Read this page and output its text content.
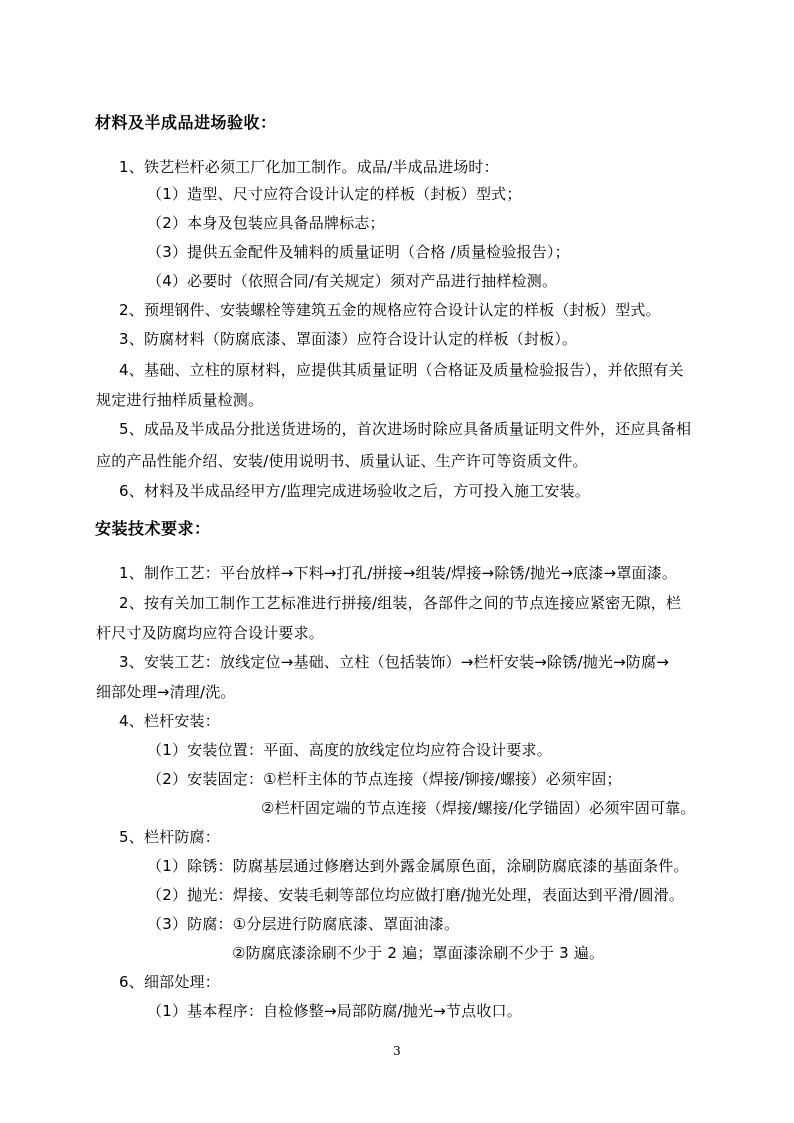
材料及半成品进场验收：
1、铁艺栏杆必须工厂化加工制作。成品/半成品进场时：
（1）造型、尺寸应符合设计认定的样板（封板）型式；
（2）本身及包装应具备品牌标志；
（3）提供五金配件及辅料的质量证明（合格 /质量检验报告）；
（4）必要时（依照合同/有关规定）须对产品进行抽样检测。
2、预埋钢件、安装螺栓等建筑五金的规格应符合设计认定的样板（封板）型式。
3、防腐材料（防腐底漆、罩面漆）应符合设计认定的样板（封板）。
4、基础、立柱的原材料，应提供其质量证明（合格证及质量检验报告），并依照有关
规定进行抽样质量检测。
5、成品及半成品分批送货进场的，首次进场时除应具备质量证明文件外，还应具备相
应的产品性能介绍、安装/使用说明书、质量认证、生产许可等资质文件。
6、材料及半成品经甲方/监理完成进场验收之后，方可投入施工安装。
安装技术要求：
1、制作工艺：平台放样→下料→打孔/拼接→组装/焊接→除锈/抛光→底漆→罩面漆。
2、按有关加工制作工艺标准进行拼接/组装，各部件之间的节点连接应紧密无隙，栏
杆尺寸及防腐均应符合设计要求。
3、安装工艺：放线定位→基础、立柱（包括装饰）→栏杆安装→除锈/抛光→防腐→
细部处理→清理/洗。
4、栏杆安装：
（1）安装位置：平面、高度的放线定位均应符合设计要求。
（2）安装固定：①栏杆主体的节点连接（焊接/铆接/螺接）必须牢固；
②栏杆固定端的节点连接（焊接/螺接/化学锚固）必须牢固可靠。
5、栏杆防腐：
（1）除锈：防腐基层通过修磨达到外露金属原色面，涂刷防腐底漆的基面条件。
（2）抛光：焊接、安装毛刺等部位均应做打磨/抛光处理，表面达到平滑/圆滑。
（3）防腐：①分层进行防腐底漆、罩面油漆。
②防腐底漆涂刷不少于 2 遍；罩面漆涂刷不少于 3 遍。
6、细部处理：
（1）基本程序：自检修整→局部防腐/抛光→节点收口。
3
